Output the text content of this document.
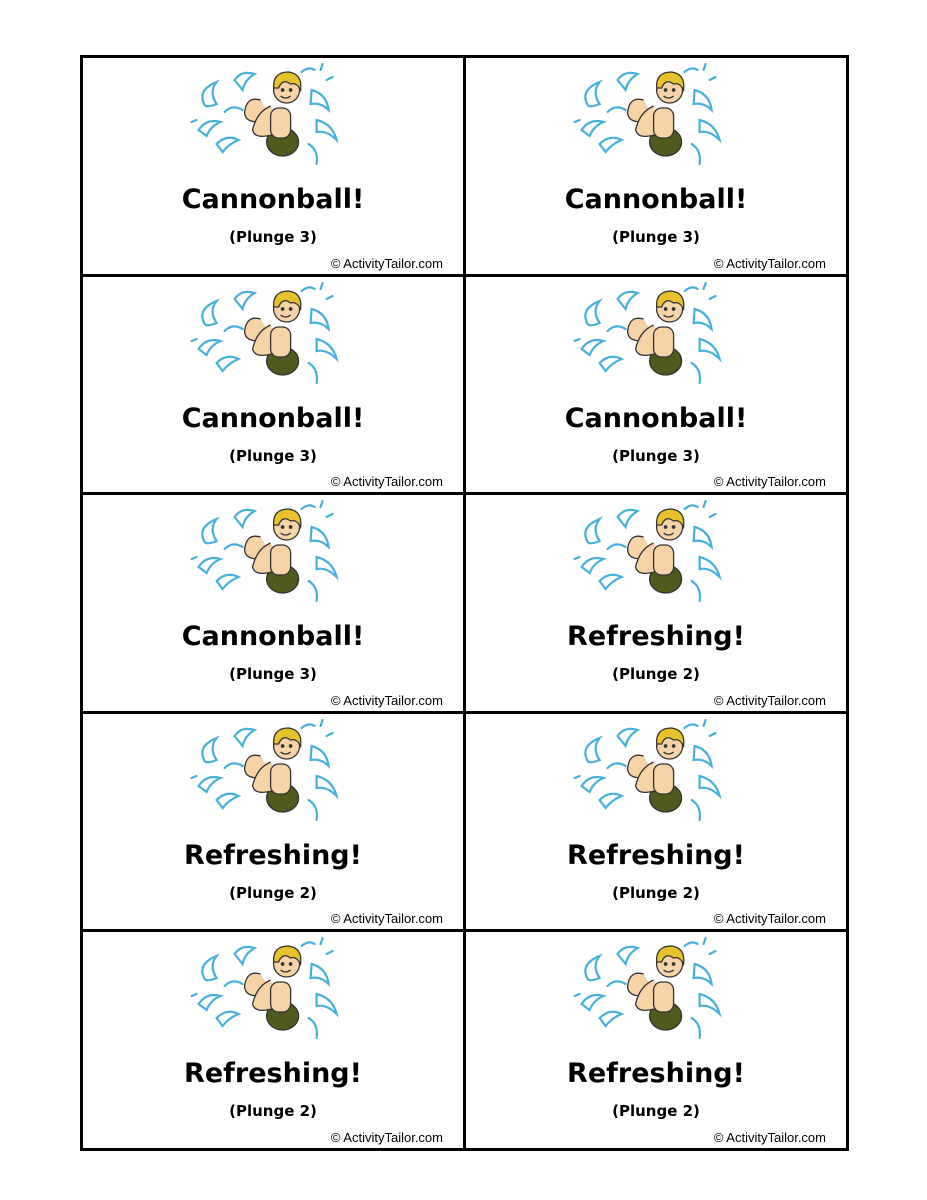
Cannonball!
(Plunge 3)
© ActivityTailor.com
Cannonball!
(Plunge 3)
© ActivityTailor.com
Cannonball!
(Plunge 3)
© ActivityTailor.com
Cannonball!
(Plunge 3)
© ActivityTailor.com
Cannonball!
(Plunge 3)
© ActivityTailor.com
Refreshing!
(Plunge 2)
© ActivityTailor.com
Refreshing!
(Plunge 2)
© ActivityTailor.com
Refreshing!
(Plunge 2)
© ActivityTailor.com
Refreshing!
(Plunge 2)
© ActivityTailor.com
Refreshing!
(Plunge 2)
© ActivityTailor.com
